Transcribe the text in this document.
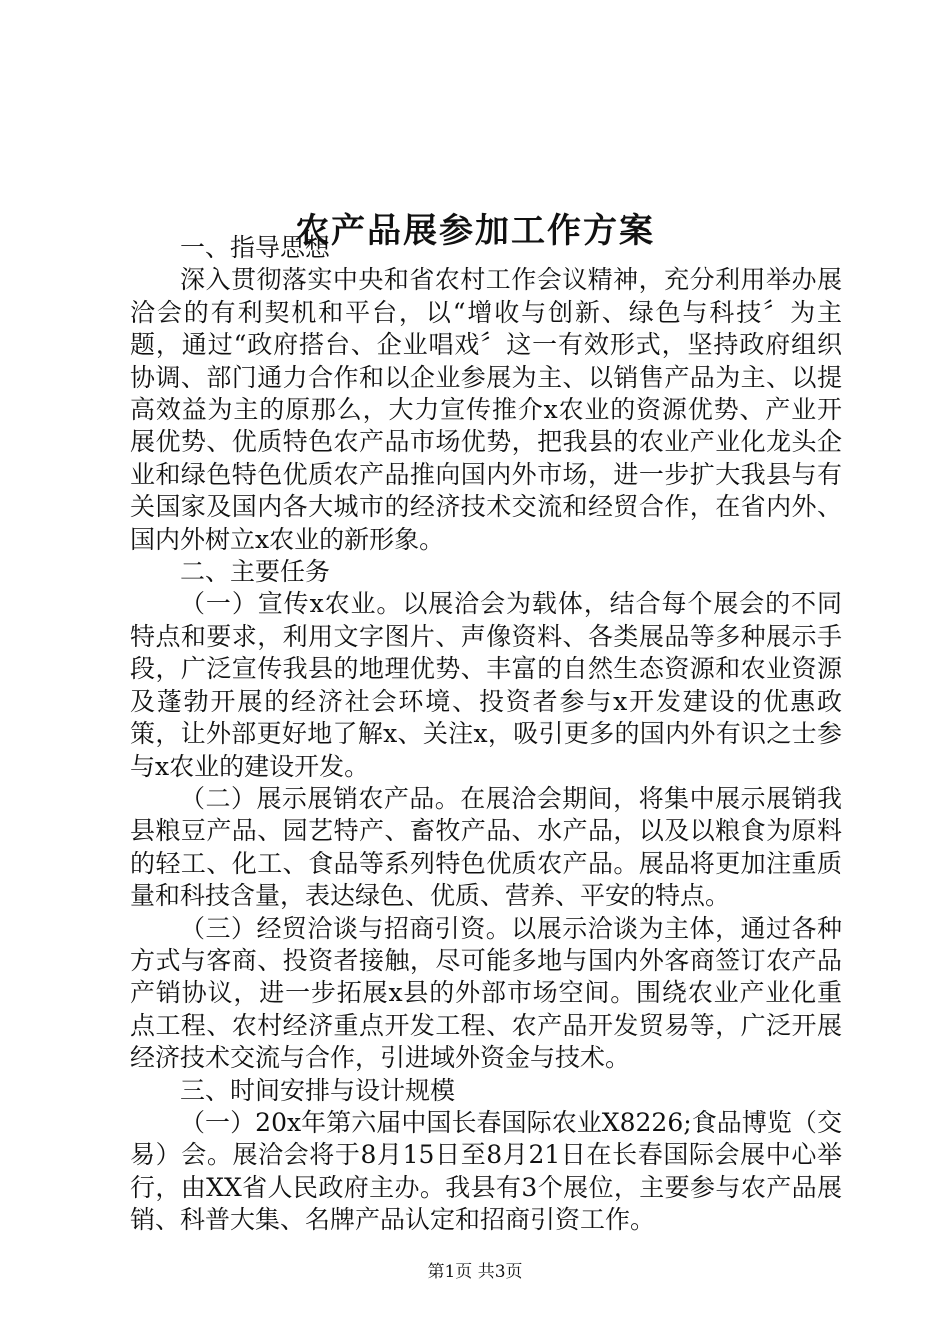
农产品展参加工作方案

一、指导思想

深入贯彻落实中央和省农村工作会议精神，充分利用举办展洽会的有利契机和平台，以“增收与创新、绿色与科技〞为主题，通过“政府搭台、企业唱戏〞这一有效形式，坚持政府组织协调、部门通力合作和以企业参展为主、以销售产品为主、以提高效益为主的原那么，大力宣传推介x农业的资源优势、产业开展优势、优质特色农产品市场优势，把我县的农业产业化龙头企业和绿色特色优质农产品推向国内外市场，进一步扩大我县与有关国家及国内各大城市的经济技术交流和经贸合作，在省内外、国内外树立x农业的新形象。

二、主要任务

（一）宣传x农业。以展洽会为载体，结合每个展会的不同特点和要求，利用文字图片、声像资料、各类展品等多种展示手段，广泛宣传我县的地理优势、丰富的自然生态资源和农业资源及蓬勃开展的经济社会环境、投资者参与x开发建设的优惠政策，让外部更好地了解x、关注x，吸引更多的国内外有识之士参与x农业的建设开发。

（二）展示展销农产品。在展洽会期间，将集中展示展销我县粮豆产品、园艺特产、畜牧产品、水产品，以及以粮食为原料的轻工、化工、食品等系列特色优质农产品。展品将更加注重质量和科技含量，表达绿色、优质、营养、平安的特点。

（三）经贸洽谈与招商引资。以展示洽谈为主体，通过各种方式与客商、投资者接触，尽可能多地与国内外客商签订农产品产销协议，进一步拓展x县的外部市场空间。围绕农业产业化重点工程、农村经济重点开发工程、农产品开发贸易等，广泛开展经济技术交流与合作，引进域外资金与技术。

三、时间安排与设计规模

（一）20x年第六届中国长春国际农业X8226;食品博览（交易）会。展洽会将于8月15日至8月21日在长春国际会展中心举行，由XX省人民政府主办。我县有3个展位，主要参与农产品展销、科普大集、名牌产品认定和招商引资工作。

第1页 共3页
